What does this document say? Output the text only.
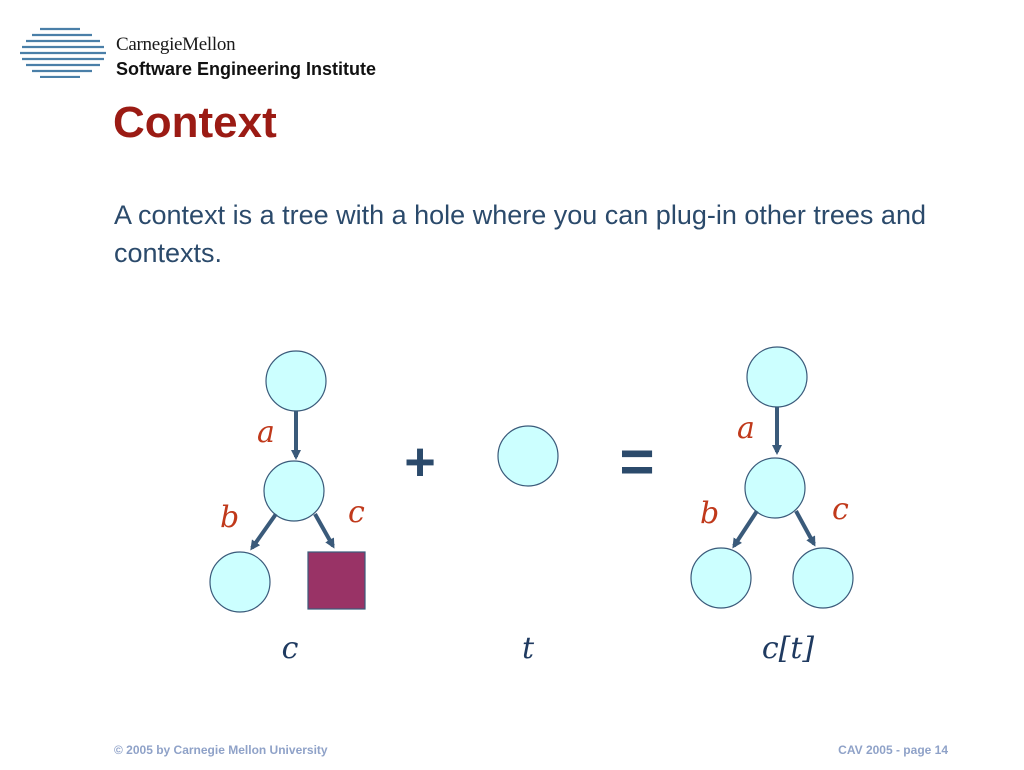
CarnegieMellon
Software Engineering Institute
Context
A context is a tree with a hole where you can plug-in other trees and contexts.
a
b	c
+	=	a
b	c
c	t	c[t]
© 2005 by Carnegie Mellon University	CAV 2005 - page 14
